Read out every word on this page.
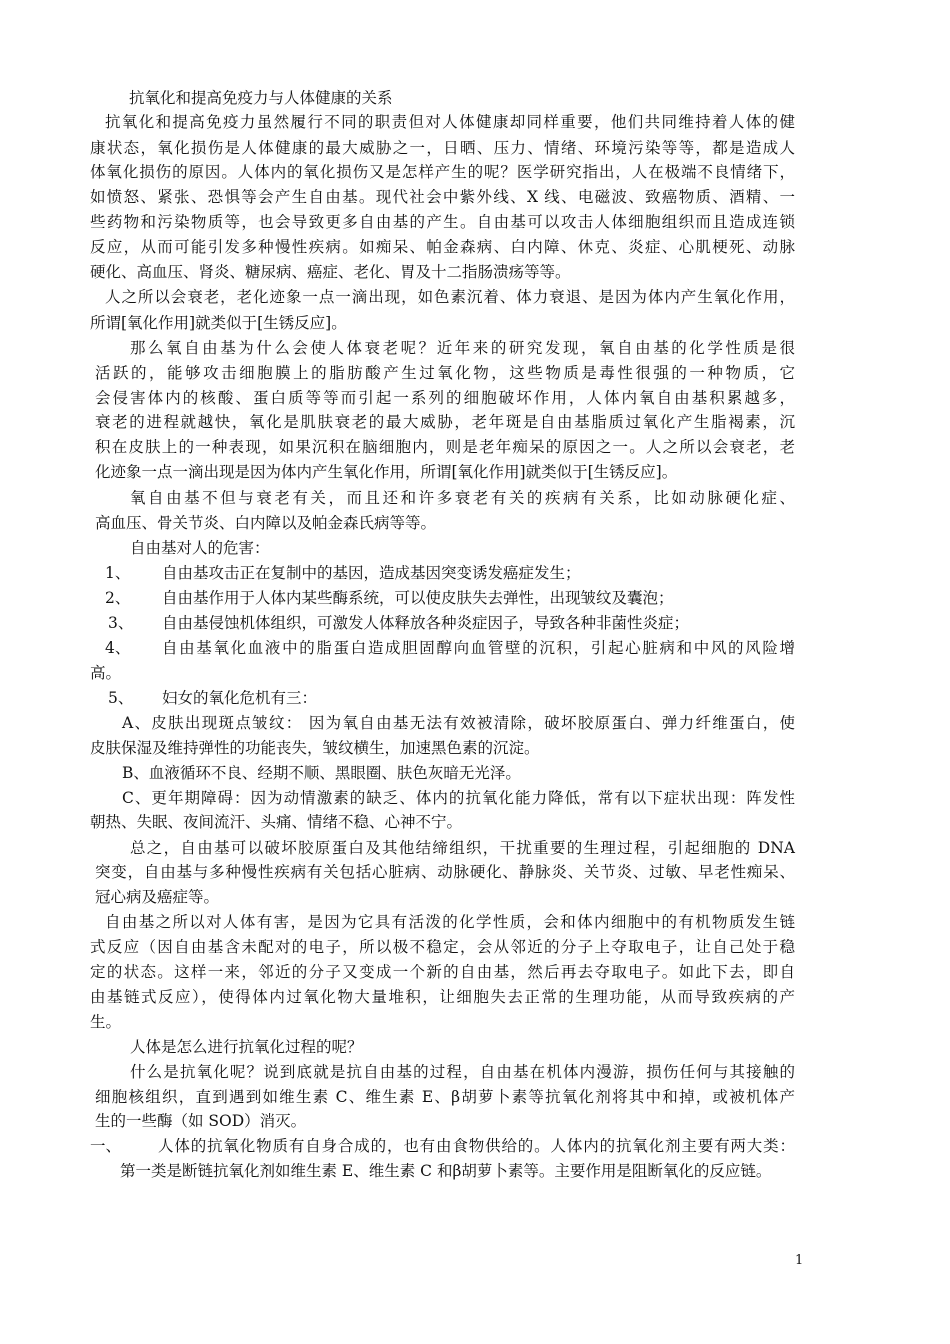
抗氧化和提高免疫力与人体健康的关系
抗氧化和提高免疫力虽然履行不同的职责但对人体健康却同样重要，他们共同维持着人体的健
康状态，氧化损伤是人体健康的最大威胁之一，日晒、压力、情绪、环境污染等等，都是造成人
体氧化损伤的原因。人体内的氧化损伤又是怎样产生的呢？医学研究指出，人在极端不良情绪下，
如愤怒、紧张、恐惧等会产生自由基。现代社会中紫外线、X 线、电磁波、致癌物质、酒精、一
些药物和污染物质等，也会导致更多自由基的产生。自由基可以攻击人体细胞组织而且造成连锁
反应，从而可能引发多种慢性疾病。如痴呆、帕金森病、白内障、休克、炎症、心肌梗死、动脉
硬化、高血压、肾炎、糖尿病、癌症、老化、胃及十二指肠溃疡等等。
人之所以会衰老，老化迹象一点一滴出现，如色素沉着、体力衰退、是因为体内产生氧化作用，
所谓[氧化作用]就类似于[生锈反应]。
那么氧自由基为什么会使人体衰老呢？近年来的研究发现，氧自由基的化学性质是很
活跃的，能够攻击细胞膜上的脂肪酸产生过氧化物，这些物质是毒性很强的一种物质，它
会侵害体内的核酸、蛋白质等等而引起一系列的细胞破坏作用，人体内氧自由基积累越多，
衰老的进程就越快，氧化是肌肤衰老的最大威胁，老年斑是自由基脂质过氧化产生脂褐素，沉
积在皮肤上的一种表现，如果沉积在脑细胞内，则是老年痴呆的原因之一。人之所以会衰老，老
化迹象一点一滴出现是因为体内产生氧化作用，所谓[氧化作用]就类似于[生锈反应]。
氧自由基不但与衰老有关，而且还和许多衰老有关的疾病有关系，比如动脉硬化症、
高血压、骨关节炎、白内障以及帕金森氏病等等。
自由基对人的危害：
1、 自由基攻击正在复制中的基因，造成基因突变诱发癌症发生；
2、 自由基作用于人体内某些酶系统，可以使皮肤失去弹性，出现皱纹及囊泡；
3、 自由基侵蚀机体组织，可激发人体释放各种炎症因子，导致各种非菌性炎症；
4、 自由基氧化血液中的脂蛋白造成胆固醇向血管壁的沉积，引起心脏病和中风的风险增
高。
5、 妇女的氧化危机有三：
A、皮肤出现斑点皱纹： 因为氧自由基无法有效被清除，破坏胶原蛋白、弹力纤维蛋白，使
皮肤保湿及维持弹性的功能丧失，皱纹横生，加速黑色素的沉淀。
B、血液循环不良、经期不顺、黑眼圈、肤色灰暗无光泽。
C、更年期障碍：因为动情激素的缺乏、体内的抗氧化能力降低，常有以下症状出现：阵发性
朝热、失眠、夜间流汗、头痛、情绪不稳、心神不宁。
总之，自由基可以破坏胶原蛋白及其他结缔组织，干扰重要的生理过程，引起细胞的 DNA
突变，自由基与多种慢性疾病有关包括心脏病、动脉硬化、静脉炎、关节炎、过敏、早老性痴呆、
冠心病及癌症等。
自由基之所以对人体有害，是因为它具有活泼的化学性质，会和体内细胞中的有机物质发生链
式反应（因自由基含未配对的电子，所以极不稳定，会从邻近的分子上夺取电子，让自己处于稳
定的状态。这样一来，邻近的分子又变成一个新的自由基，然后再去夺取电子。如此下去，即自
由基链式反应），使得体内过氧化物大量堆积，让细胞失去正常的生理功能，从而导致疾病的产
生。
人体是怎么进行抗氧化过程的呢？
什么是抗氧化呢？说到底就是抗自由基的过程，自由基在机体内漫游，损伤任何与其接触的
细胞核组织，直到遇到如维生素 C、维生素 E、β胡萝卜素等抗氧化剂将其中和掉，或被机体产
生的一些酶（如 SOD）消灭。
一、 人体的抗氧化物质有自身合成的，也有由食物供给的。人体内的抗氧化剂主要有两大类：
第一类是断链抗氧化剂如维生素 E、维生素 C 和β胡萝卜素等。主要作用是阻断氧化的反应链。
1
